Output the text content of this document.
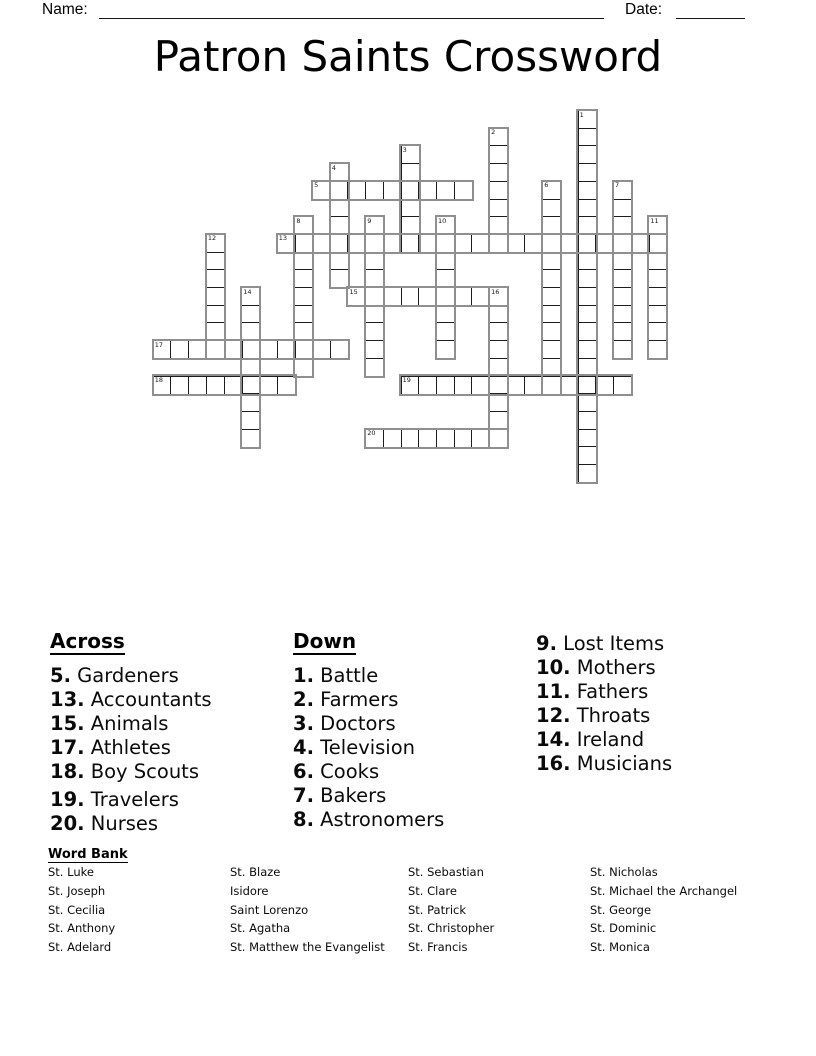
Name:	Date:
Patron Saints Crossword
1
2
3
4
5	6	7
8	9	10	11
12	13
14	15	16
17
18	19
20
Across
5. Gardeners
13. Accountants
15. Animals
17. Athletes
18. Boy Scouts
19. Travelers
20. Nurses
Down
1. Battle
2. Farmers
3. Doctors
4. Television
6. Cooks
7. Bakers
8. Astronomers
9. Lost Items
10. Mothers
11. Fathers
12. Throats
14. Ireland
16. Musicians
Word Bank
St. Luke
St. Joseph
St. Cecilia
St. Anthony
St. Adelard
St. Blaze
Isidore
Saint Lorenzo
St. Agatha
St. Matthew the Evangelist
St. Sebastian
St. Clare
St. Patrick
St. Christopher
St. Francis
St. Nicholas
St. Michael the Archangel
St. George
St. Dominic
St. Monica
